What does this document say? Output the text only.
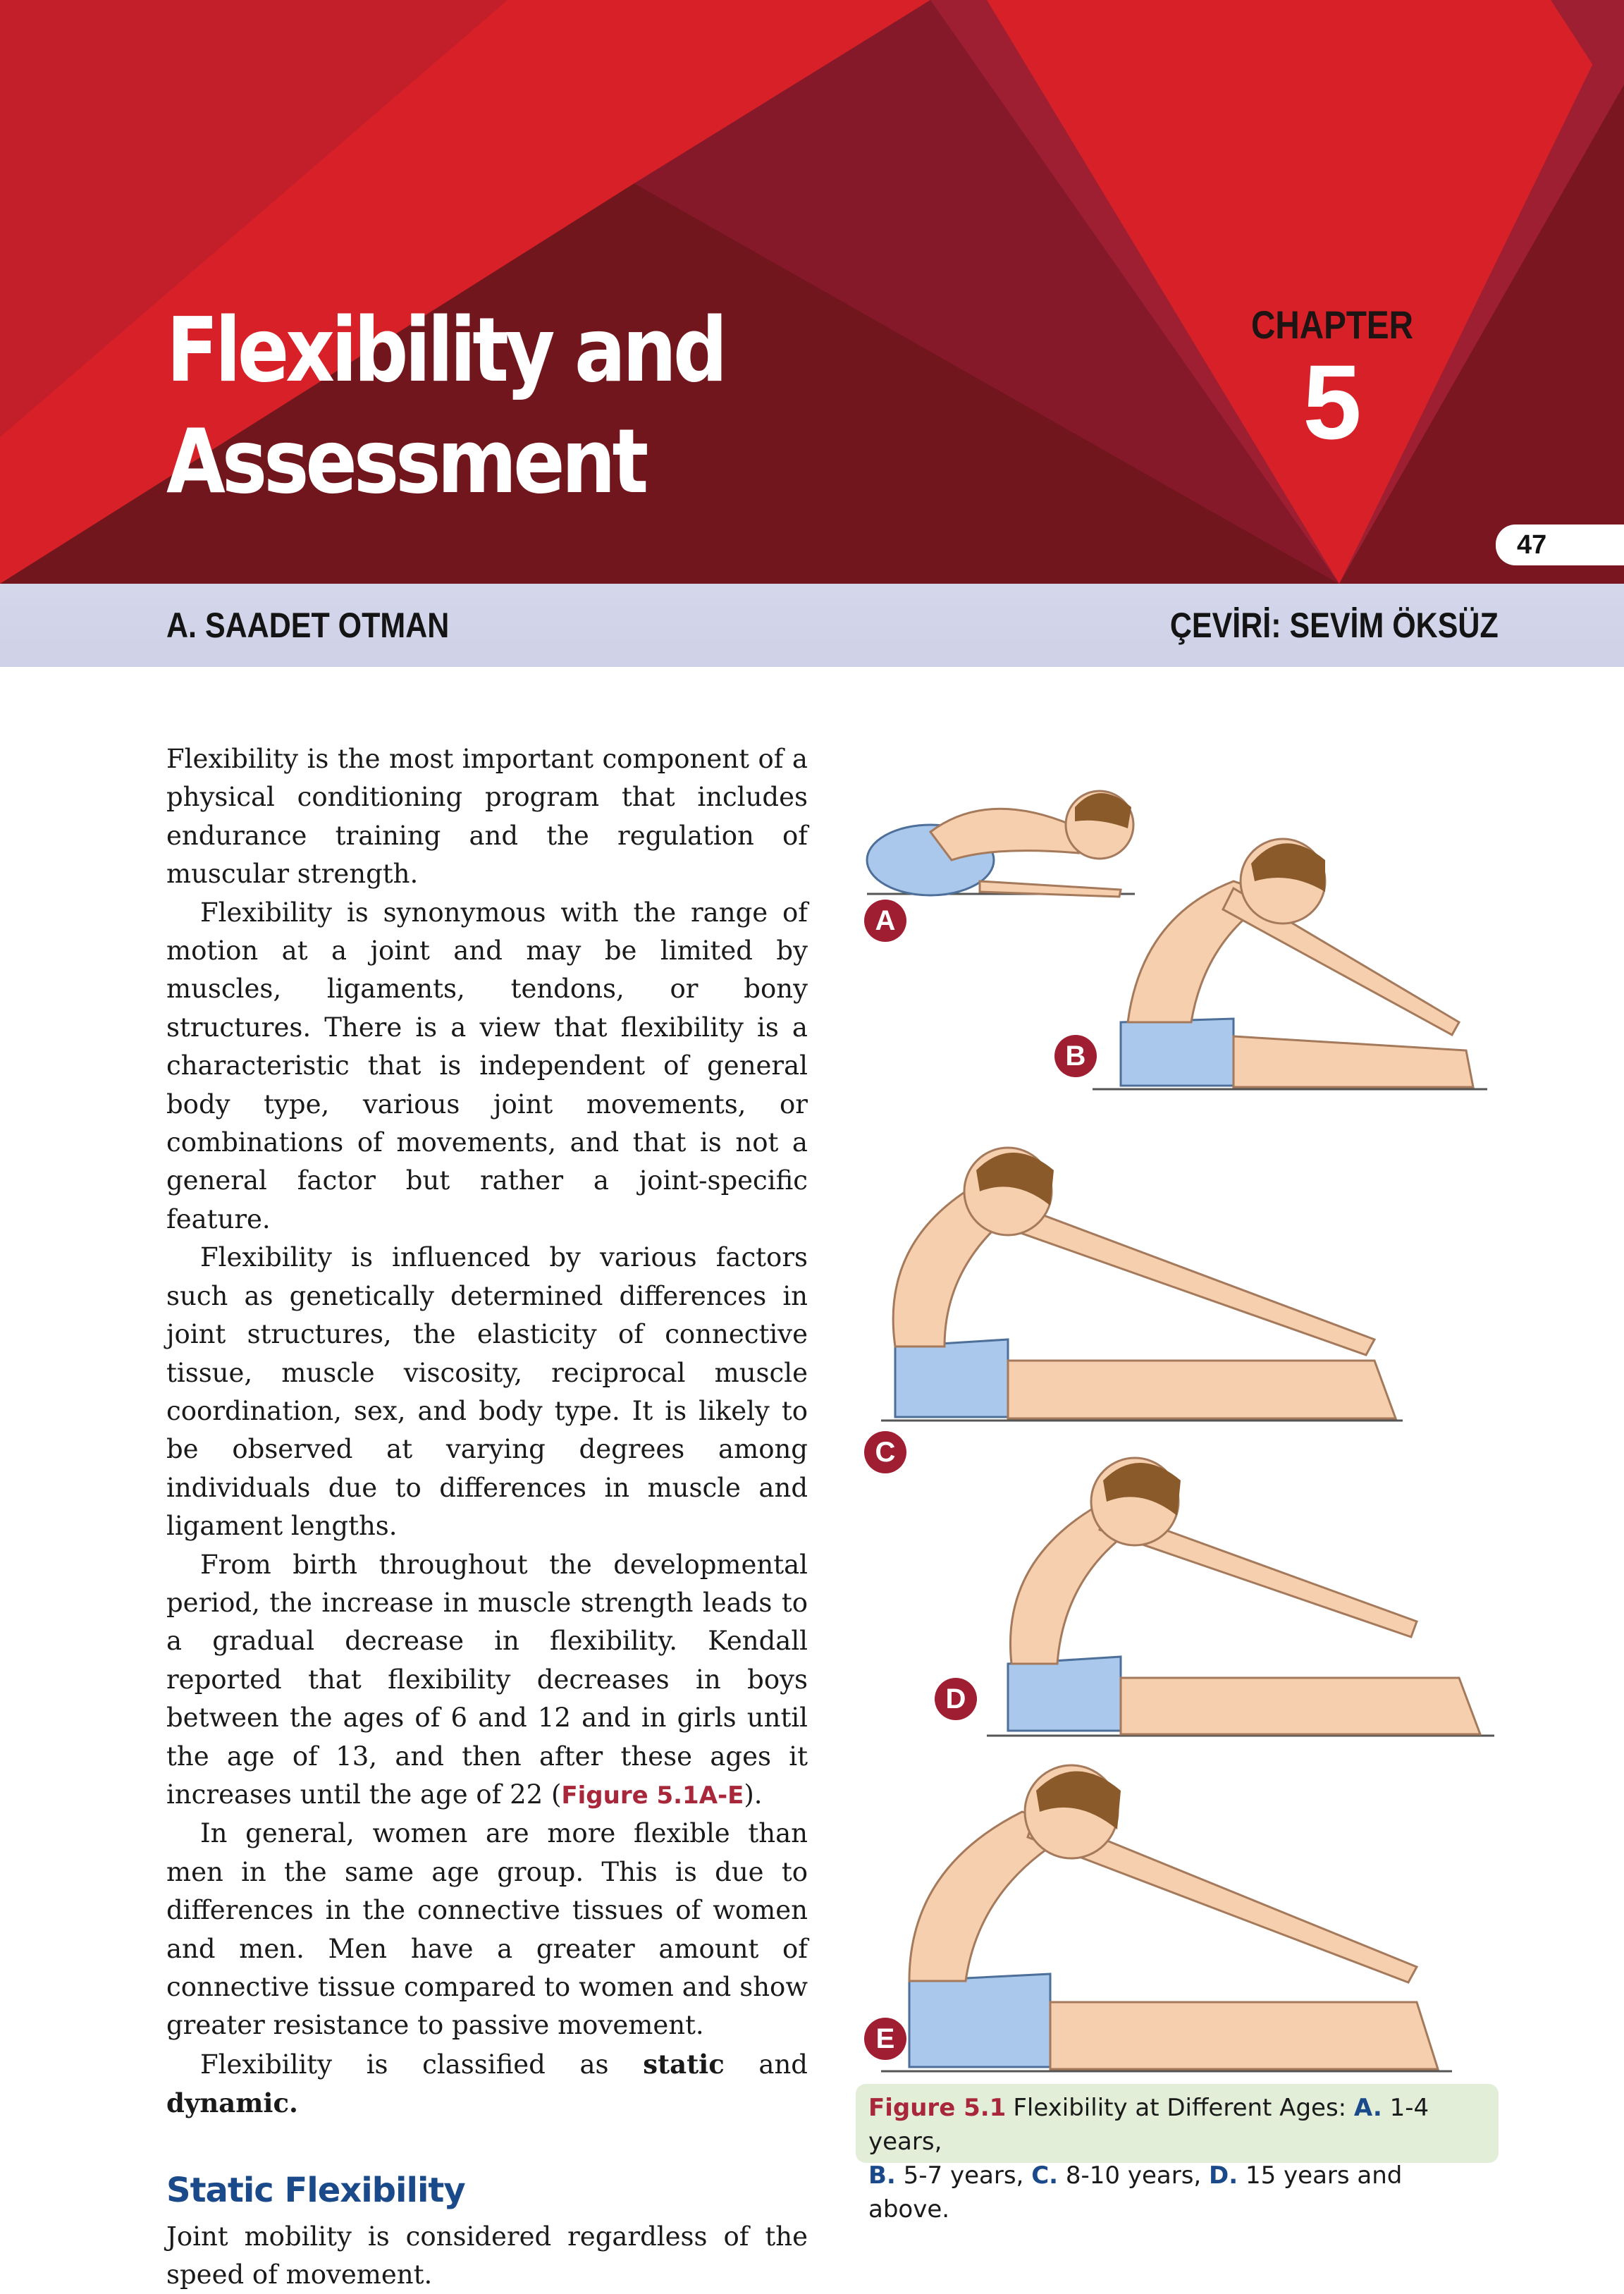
Flexibility and
Assessment
CHAPTER
5
47
A. SAADET OTMAN	ÇEVİRİ: SEVİM ÖKSÜZ

Flexibility is the most important component of a physical conditioning program that includes endurance training and the regulation of muscular strength.

Flexibility is synonymous with the range of motion at a joint and may be limited by muscles, ligaments, tendons, or bony structures. There is a view that flexibility is a characteristic that is independent of general body type, various joint movements, or combinations of movements, and that is not a general factor but rather a joint-specific feature.

Flexibility is influenced by various factors such as genetically determined differences in joint structures, the elasticity of connective tissue, muscle viscosity, reciprocal muscle coordination, sex, and body type. It is likely to be observed at varying degrees among individuals due to differences in muscle and ligament lengths.

From birth throughout the developmental period, the increase in muscle strength leads to a gradual decrease in flexibility. Kendall reported that flexibility decreases in boys between the ages of 6 and 12 and in girls until the age of 13, and then after these ages it increases until the age of 22 (Figure 5.1A-E).

In general, women are more flexible than men in the same age group. This is due to differences in the connective tissues of women and men. Men have a greater amount of connective tissue compared to women and show greater resistance to passive movement.

Flexibility is classified as static and dynamic.

Static Flexibility

Joint mobility is considered regardless of the speed of movement.

A
B
C
D
E
Figure 5.1 Flexibility at Different Ages: A. 1-4 years,
B. 5-7 years, C. 8-10 years, D. 15 years and above.
